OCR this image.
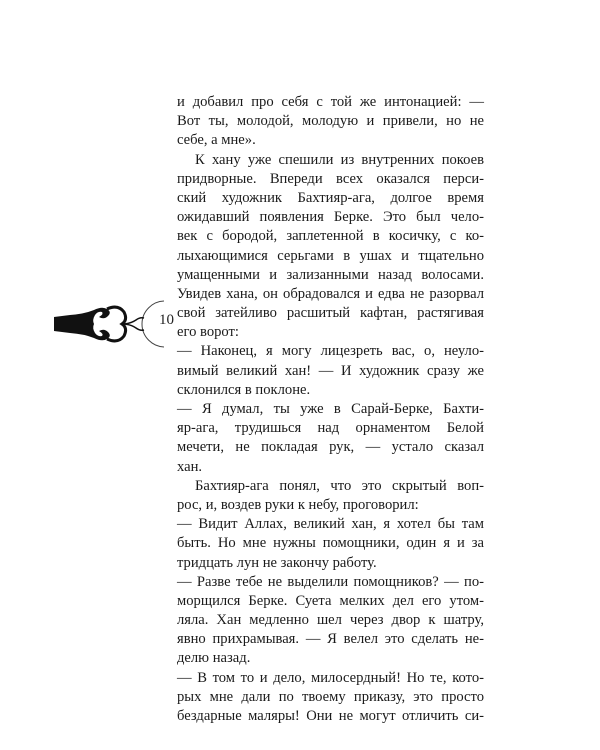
10
и добавил про себя с той же интонацией: —
Вот ты, молодой, молодую и привели, но не
себе, а мне».
К хану уже спешили из внутренних покоев
придворные. Впереди всех оказался перси-
ский художник Бахтияр-ага, долгое время
ожидавший появления Берке. Это был чело-
век с бородой, заплетенной в косичку, с ко-
лыхающимися серьгами в ушах и тщательно
умащенными и зализанными назад волосами.
Увидев хана, он обрадовался и едва не разорвал
свой затейливо расшитый кафтан, растягивая
его ворот:
— Наконец, я могу лицезреть вас, о, неуло-
вимый великий хан! — И художник сразу же
склонился в поклоне.
— Я думал, ты уже в Сарай-Берке, Бахти-
яр-ага, трудишься над орнаментом Белой
мечети, не покладая рук, — устало сказал
хан.
Бахтияр-ага понял, что это скрытый воп-
рос, и, воздев руки к небу, проговорил:
— Видит Аллах, великий хан, я хотел бы там
быть. Но мне нужны помощники, один я и за
тридцать лун не закончу работу.
— Разве тебе не выделили помощников? — по-
морщился Берке. Суета мелких дел его утом-
ляла. Хан медленно шел через двор к шатру,
явно прихрамывая. — Я велел это сделать не-
делю назад.
— В том то и дело, милосердный! Но те, кото-
рых мне дали по твоему приказу, это просто
бездарные маляры! Они не могут отличить си-
